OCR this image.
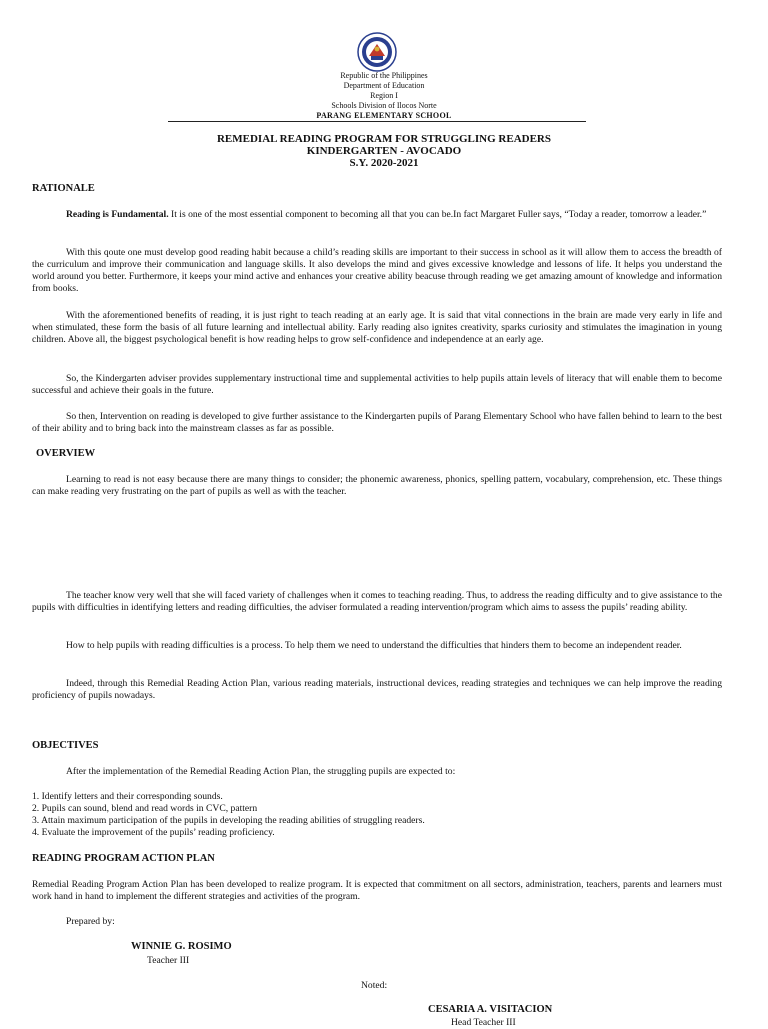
Republic of the Philippines
Department of Education
Region I
Schools Division of Ilocos Norte
PARANG ELEMENTARY SCHOOL
REMEDIAL READING PROGRAM FOR STRUGGLING READERS
KINDERGARTEN - AVOCADO
S.Y. 2020-2021
RATIONALE
Reading is Fundamental. It is one of the most essential component to becoming all that you can be.In fact Margaret Fuller says, “Today a reader, tomorrow a leader.”
With this qoute one must develop good reading habit because a child’s reading skills are important to their success in school as it will allow them to access the breadth of the curriculum and improve their communication and language skills. It also develops the mind and gives excessive knowledge and lessons of life. It helps you understand the world around you better. Furthermore, it keeps your mind active and enhances your creative ability beacuse through reading we get amazing amount of knowledge and information from books.
With the aforementioned benefits of reading, it is just right to teach reading at an early age. It is said that vital connections in the brain are made very early in life and when stimulated, these form the basis of all future learning and intellectual ability. Early reading also ignites creativity, sparks curiosity and stimulates the imagination in young children. Above all, the biggest psychological benefit is how reading helps to grow self-confidence and independence at an early age.
So, the Kindergarten adviser provides supplementary instructional time and supplemental activities to help pupils attain levels of literacy that will enable them to become successful and achieve their goals in the future.
So then, Intervention on reading is developed to give further assistance to the Kindergarten pupils of Parang Elementary School who have fallen behind to learn to the best of their ability and to bring back into the mainstream classes as far as possible.
OVERVIEW
Learning to read is not easy because there are many things to consider; the phonemic awareness, phonics, spelling pattern, vocabulary, comprehension, etc. These things can make reading very frustrating on the part of pupils as well as with the teacher.
The teacher know very well that she will faced variety of challenges when it comes to teaching reading. Thus, to address the reading difficulty and to give assistance to the pupils with difficulties in identifying letters and reading difficulties, the adviser formulated a reading intervention/program which aims to assess the pupils’ reading ability.
How to help pupils with reading difficulties is a process. To help them we need to understand the difficulties that hinders them to become an independent reader.
Indeed, through this Remedial Reading Action Plan, various reading materials, instructional devices, reading strategies and techniques we can help improve the reading proficiency of pupils nowadays.
OBJECTIVES
After the implementation of the Remedial Reading Action Plan, the struggling pupils are expected to:
1. Identify letters and their corresponding sounds.
2. Pupils can sound, blend and read words in CVC, pattern
3. Attain maximum participation of the pupils in developing the reading abilities of struggling readers.
4. Evaluate the improvement of the pupils’ reading proficiency.
READING PROGRAM ACTION PLAN
Remedial Reading Program Action Plan has been developed to realize program. It is expected that commitment on all sectors, administration, teachers, parents and learners must work hand in hand to implement the different strategies and activities of the program.
Prepared by:
WINNIE G. ROSIMO
Teacher III
Noted:
CESARIA A. VISITACION
Head Teacher III
